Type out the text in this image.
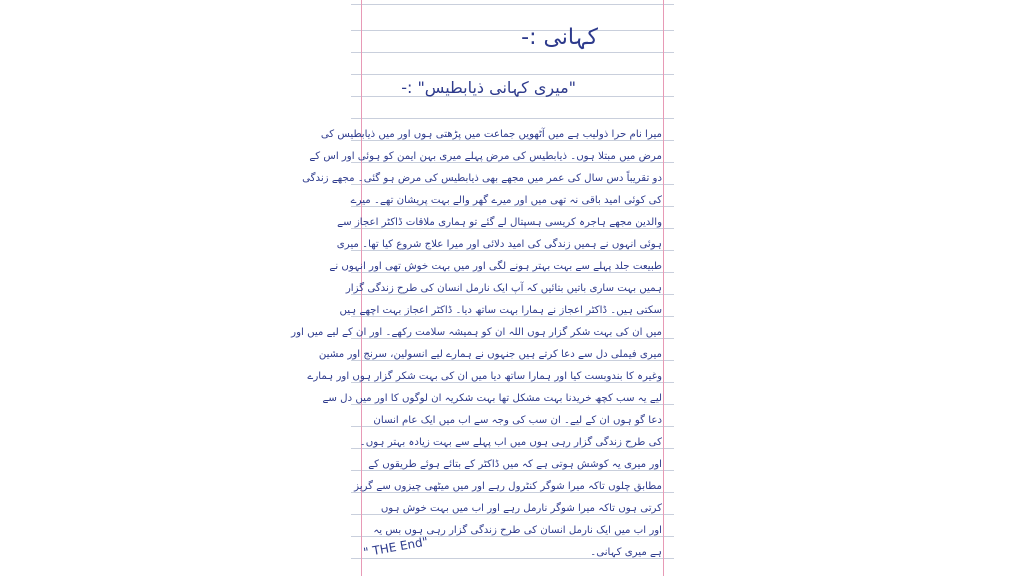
کہانی :-
"میری کہانی ذیابطیس" :-
میرا نام حرا ذولیب ہے میں آٹھویں جماعت میں پڑھتی ہوں اور میں ذیابطیس کی
مرض میں مبتلا ہوں۔ ذیابطیس کی مرض پہلے میری بہن ایمن کو ہوئی اور اس کے
دو تقریباً دس سال کی عمر میں مجھے بھی ذیابطیس کی مرض ہو گئی۔ مجھے زندگی
کی کوئی امید باقی نہ تھی میں اور میرے گھر والے بہت پریشان تھے۔ میرے
والدین مجھے ہاجرہ کریسی ہسپتال لے گئے تو ہماری ملاقات ڈاکٹر اعجاز سے
ہوئی انہوں نے ہمیں زندگی کی امید دلائی اور میرا علاج شروع کیا تھا۔ میری
طبیعت جلد پہلے سے بہت بہتر ہونے لگی اور میں بہت خوش تھی اور انہوں نے
ہمیں بہت ساری باتیں بتائیں کہ آپ ایک نارمل انسان کی طرح زندگی گزار
سکتی ہیں۔ ڈاکٹر اعجاز نے ہمارا بہت ساتھ دیا۔ ڈاکٹر اعجاز بہت اچھے ہیں
میں ان کی بہت شکر گزار ہوں اللہ ان کو ہمیشہ سلامت رکھے۔ اور ان کے لیے میں اور
میری فیملی دل سے دعا کرتے ہیں جنہوں نے ہمارے لیے انسولین، سرنج اور مشین
وغیرہ کا بندوبست کیا اور ہمارا ساتھ دیا میں ان کی بہت شکر گزار ہوں اور ہمارے
لیے یہ سب کچھ خریدنا بہت مشکل تھا بہت شکریہ ان لوگوں کا اور میں دل سے
دعا گو ہوں ان کے لیے۔ ان سب کی وجہ سے اب میں ایک عام انسان
کی طرح زندگی گزار رہی ہوں میں اب پہلے سے بہت زیادہ بہتر ہوں۔
اور میری یہ کوشش ہوتی ہے کہ میں ڈاکٹر کے بتائے ہوئے طریقوں کے
مطابق چلوں تاکہ میرا شوگر کنٹرول رہے اور میں میٹھی چیزوں سے گریز
کرتی ہوں تاکہ میرا شوگر نارمل رہے اور اب میں بہت خوش ہوں
اور اب میں ایک نارمل انسان کی طرح زندگی گزار رہی ہوں بس یہ
ہے میری کہانی۔
" THE End"
